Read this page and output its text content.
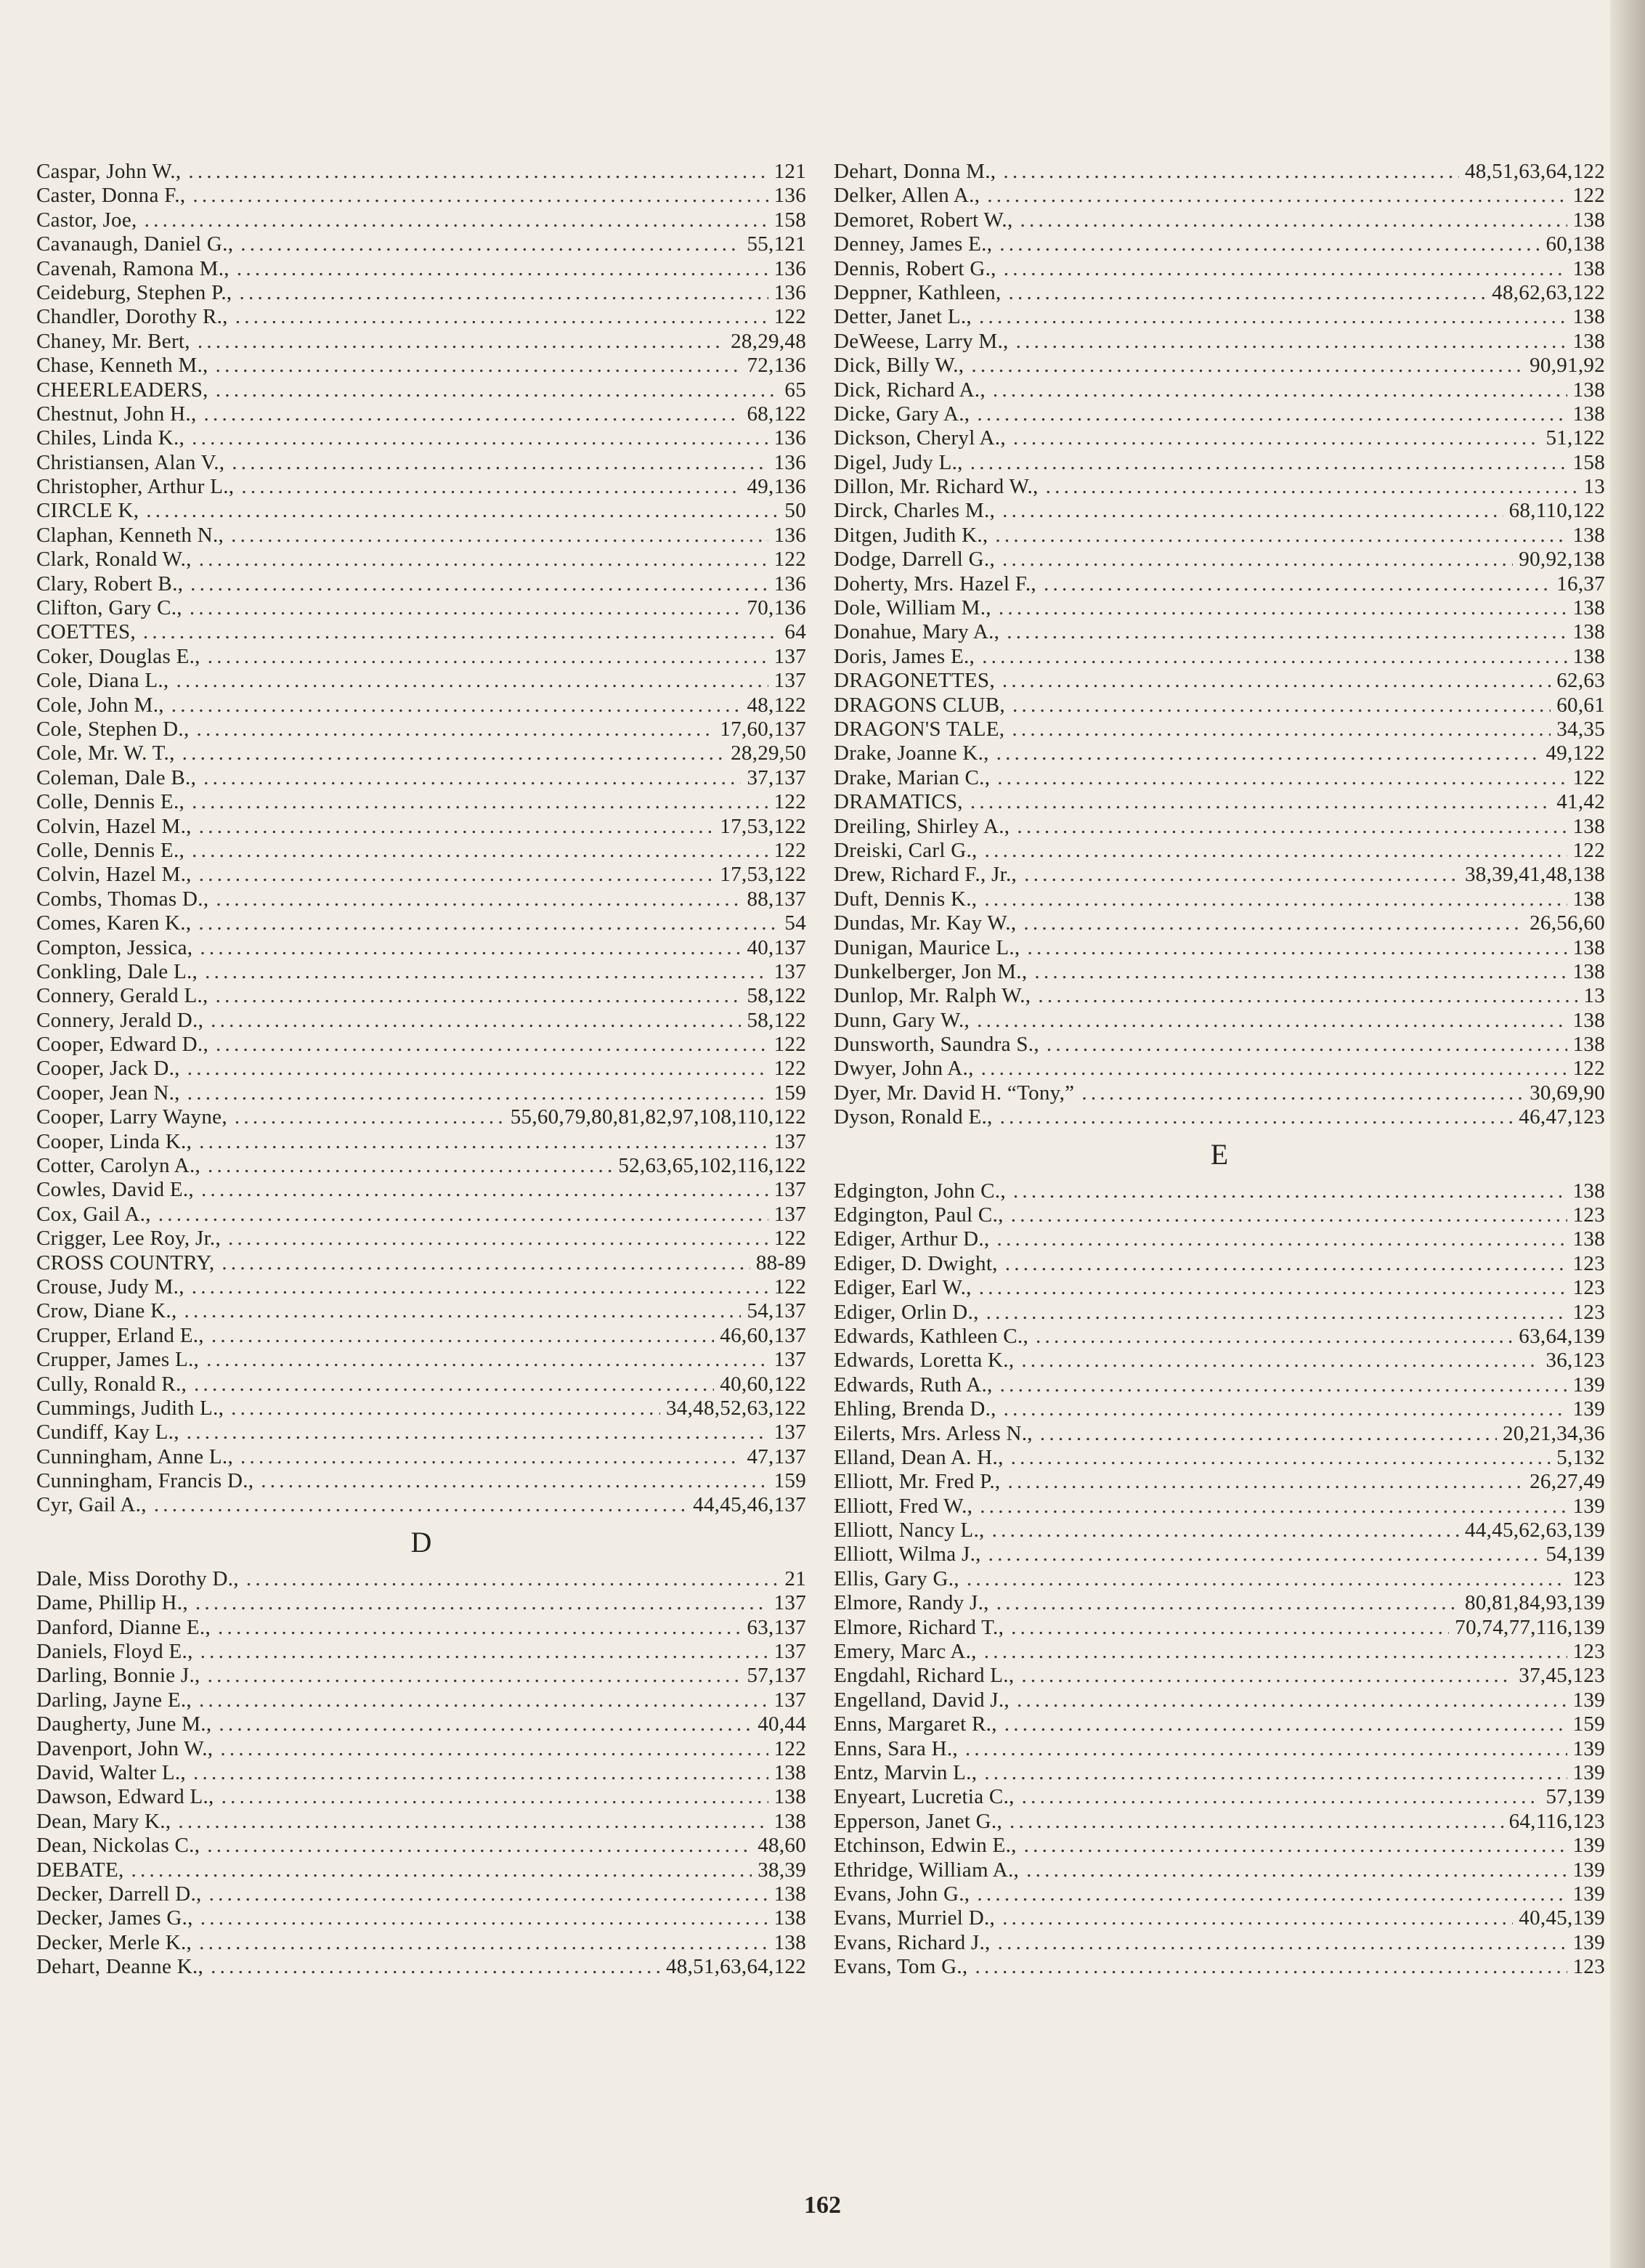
Caspar, John W., . . .	121
Caster, Donna F., . . .	136
Castor, Joe, . . .	158
Cavanaugh, Daniel G., . . .	55,121
Cavenah, Ramona M., . . .	136
Ceideburg, Stephen P., . . .	136
Chandler, Dorothy R., . . .	122
Chaney, Mr. Bert, . . .	28,29,48
Chase, Kenneth M., . . .	72,136
CHEERLEADERS, . . .	65
Chestnut, John H., . . .	68,122
Chiles, Linda K., . . .	136
Christiansen, Alan V., . . .	136
Christopher, Arthur L., . . .	49,136
CIRCLE K, . . .	50
Claphan, Kenneth N., . . .	136
Clark, Ronald W., . . .	122
Clary, Robert B., . . .	136
Clifton, Gary C., . . .	70,136
COETTES, . . .	64
Coker, Douglas E., . . .	137
Cole, Diana L., . . .	137
Cole, John M., . . .	48,122
Cole, Stephen D., . . .	17,60,137
Cole, Mr. W. T., . . .	28,29,50
Coleman, Dale B., . . .	37,137
Colle, Dennis E., . . .	122
Colvin, Hazel M., . . .	17,53,122
Colle, Dennis E., . . .	122
Colvin, Hazel M., . . .	17,53,122
Combs, Thomas D., . . .	88,137
Comes, Karen K., . . .	54
Compton, Jessica, . . .	40,137
Conkling, Dale L., . . .	137
Connery, Gerald L., . . .	58,122
Connery, Jerald D., . . .	58,122
Cooper, Edward D., . . .	122
Cooper, Jack D., . . .	122
Cooper, Jean N., . . .	159
Cooper, Larry Wayne, . . .	55,60,79,80,81,82,97,108,110,122
Cooper, Linda K., . . .	137
Cotter, Carolyn A., . . .	52,63,65,102,116,122
Cowles, David E., . . .	137
Cox, Gail A., . . .	137
Crigger, Lee Roy, Jr., . . .	122
CROSS COUNTRY, . . .	88-89
Crouse, Judy M., . . .	122
Crow, Diane K., . . .	54,137
Crupper, Erland E., . . .	46,60,137
Crupper, James L., . . .	137
Cully, Ronald R., . . .	40,60,122
Cummings, Judith L., . . .	34,48,52,63,122
Cundiff, Kay L., . . .	137
Cunningham, Anne L., . . .	47,137
Cunningham, Francis D., . . .	159
Cyr, Gail A., . . .	44,45,46,137
D
Dale, Miss Dorothy D., . . .	21
Dame, Phillip H., . . .	137
Danford, Dianne E., . . .	63,137
Daniels, Floyd E., . . .	137
Darling, Bonnie J., . . .	57,137
Darling, Jayne E., . . .	137
Daugherty, June M., . . .	40,44
Davenport, John W., . . .	122
David, Walter L., . . .	138
Dawson, Edward L., . . .	138
Dean, Mary K., . . .	138
Dean, Nickolas C., . . .	48,60
DEBATE, . . .	38,39
Decker, Darrell D., . . .	138
Decker, James G., . . .	138
Decker, Merle K., . . .	138
Dehart, Deanne K., . . .	48,51,63,64,122
Dehart, Donna M., . . .	48,51,63,64,122
Delker, Allen A., . . .	122
Demoret, Robert W., . . .	138
Denney, James E., . . .	60,138
Dennis, Robert G., . . .	138
Deppner, Kathleen, . . .	48,62,63,122
Detter, Janet L., . . .	138
DeWeese, Larry M., . . .	138
Dick, Billy W., . . .	90,91,92
Dick, Richard A., . . .	138
Dicke, Gary A., . . .	138
Dickson, Cheryl A., . . .	51,122
Digel, Judy L., . . .	158
Dillon, Mr. Richard W., . . .	13
Dirck, Charles M., . . .	68,110,122
Ditgen, Judith K., . . .	138
Dodge, Darrell G., . . .	90,92,138
Doherty, Mrs. Hazel F., . . .	16,37
Dole, William M., . . .	138
Donahue, Mary A., . . .	138
Doris, James E., . . .	138
DRAGONETTES, . . .	62,63
DRAGONS CLUB, . . .	60,61
DRAGON'S TALE, . . .	34,35
Drake, Joanne K., . . .	49,122
Drake, Marian C., . . .	122
DRAMATICS, . . .	41,42
Dreiling, Shirley A., . . .	138
Dreiski, Carl G., . . .	122
Drew, Richard F., Jr., . . .	38,39,41,48,138
Duft, Dennis K., . . .	138
Dundas, Mr. Kay W., . . .	26,56,60
Dunigan, Maurice L., . . .	138
Dunkelberger, Jon M., . . .	138
Dunlop, Mr. Ralph W., . . .	13
Dunn, Gary W., . . .	138
Dunsworth, Saundra S., . . .	138
Dwyer, John A., . . .	122
Dyer, Mr. David H. “Tony,” . . .	30,69,90
Dyson, Ronald E., . . .	46,47,123
E
Edgington, John C., . . .	138
Edgington, Paul C., . . .	123
Ediger, Arthur D., . . .	138
Ediger, D. Dwight, . . .	123
Ediger, Earl W., . . .	123
Ediger, Orlin D., . . .	123
Edwards, Kathleen C., . . .	63,64,139
Edwards, Loretta K., . . .	36,123
Edwards, Ruth A., . . .	139
Ehling, Brenda D., . . .	139
Eilerts, Mrs. Arless N., . . .	20,21,34,36
Elland, Dean A. H., . . .	5,132
Elliott, Mr. Fred P., . . .	26,27,49
Elliott, Fred W., . . .	139
Elliott, Nancy L., . . .	44,45,62,63,139
Elliott, Wilma J., . . .	54,139
Ellis, Gary G., . . .	123
Elmore, Randy J., . . .	80,81,84,93,139
Elmore, Richard T., . . .	70,74,77,116,139
Emery, Marc A., . . .	123
Engdahl, Richard L., . . .	37,45,123
Engelland, David J., . . .	139
Enns, Margaret R., . . .	159
Enns, Sara H., . . .	139
Entz, Marvin L., . . .	139
Enyeart, Lucretia C., . . .	57,139
Epperson, Janet G., . . .	64,116,123
Etchinson, Edwin E., . . .	139
Ethridge, William A., . . .	139
Evans, John G., . . .	139
Evans, Murriel D., . . .	40,45,139
Evans, Richard J., . . .	139
Evans, Tom G., . . .	123
162
